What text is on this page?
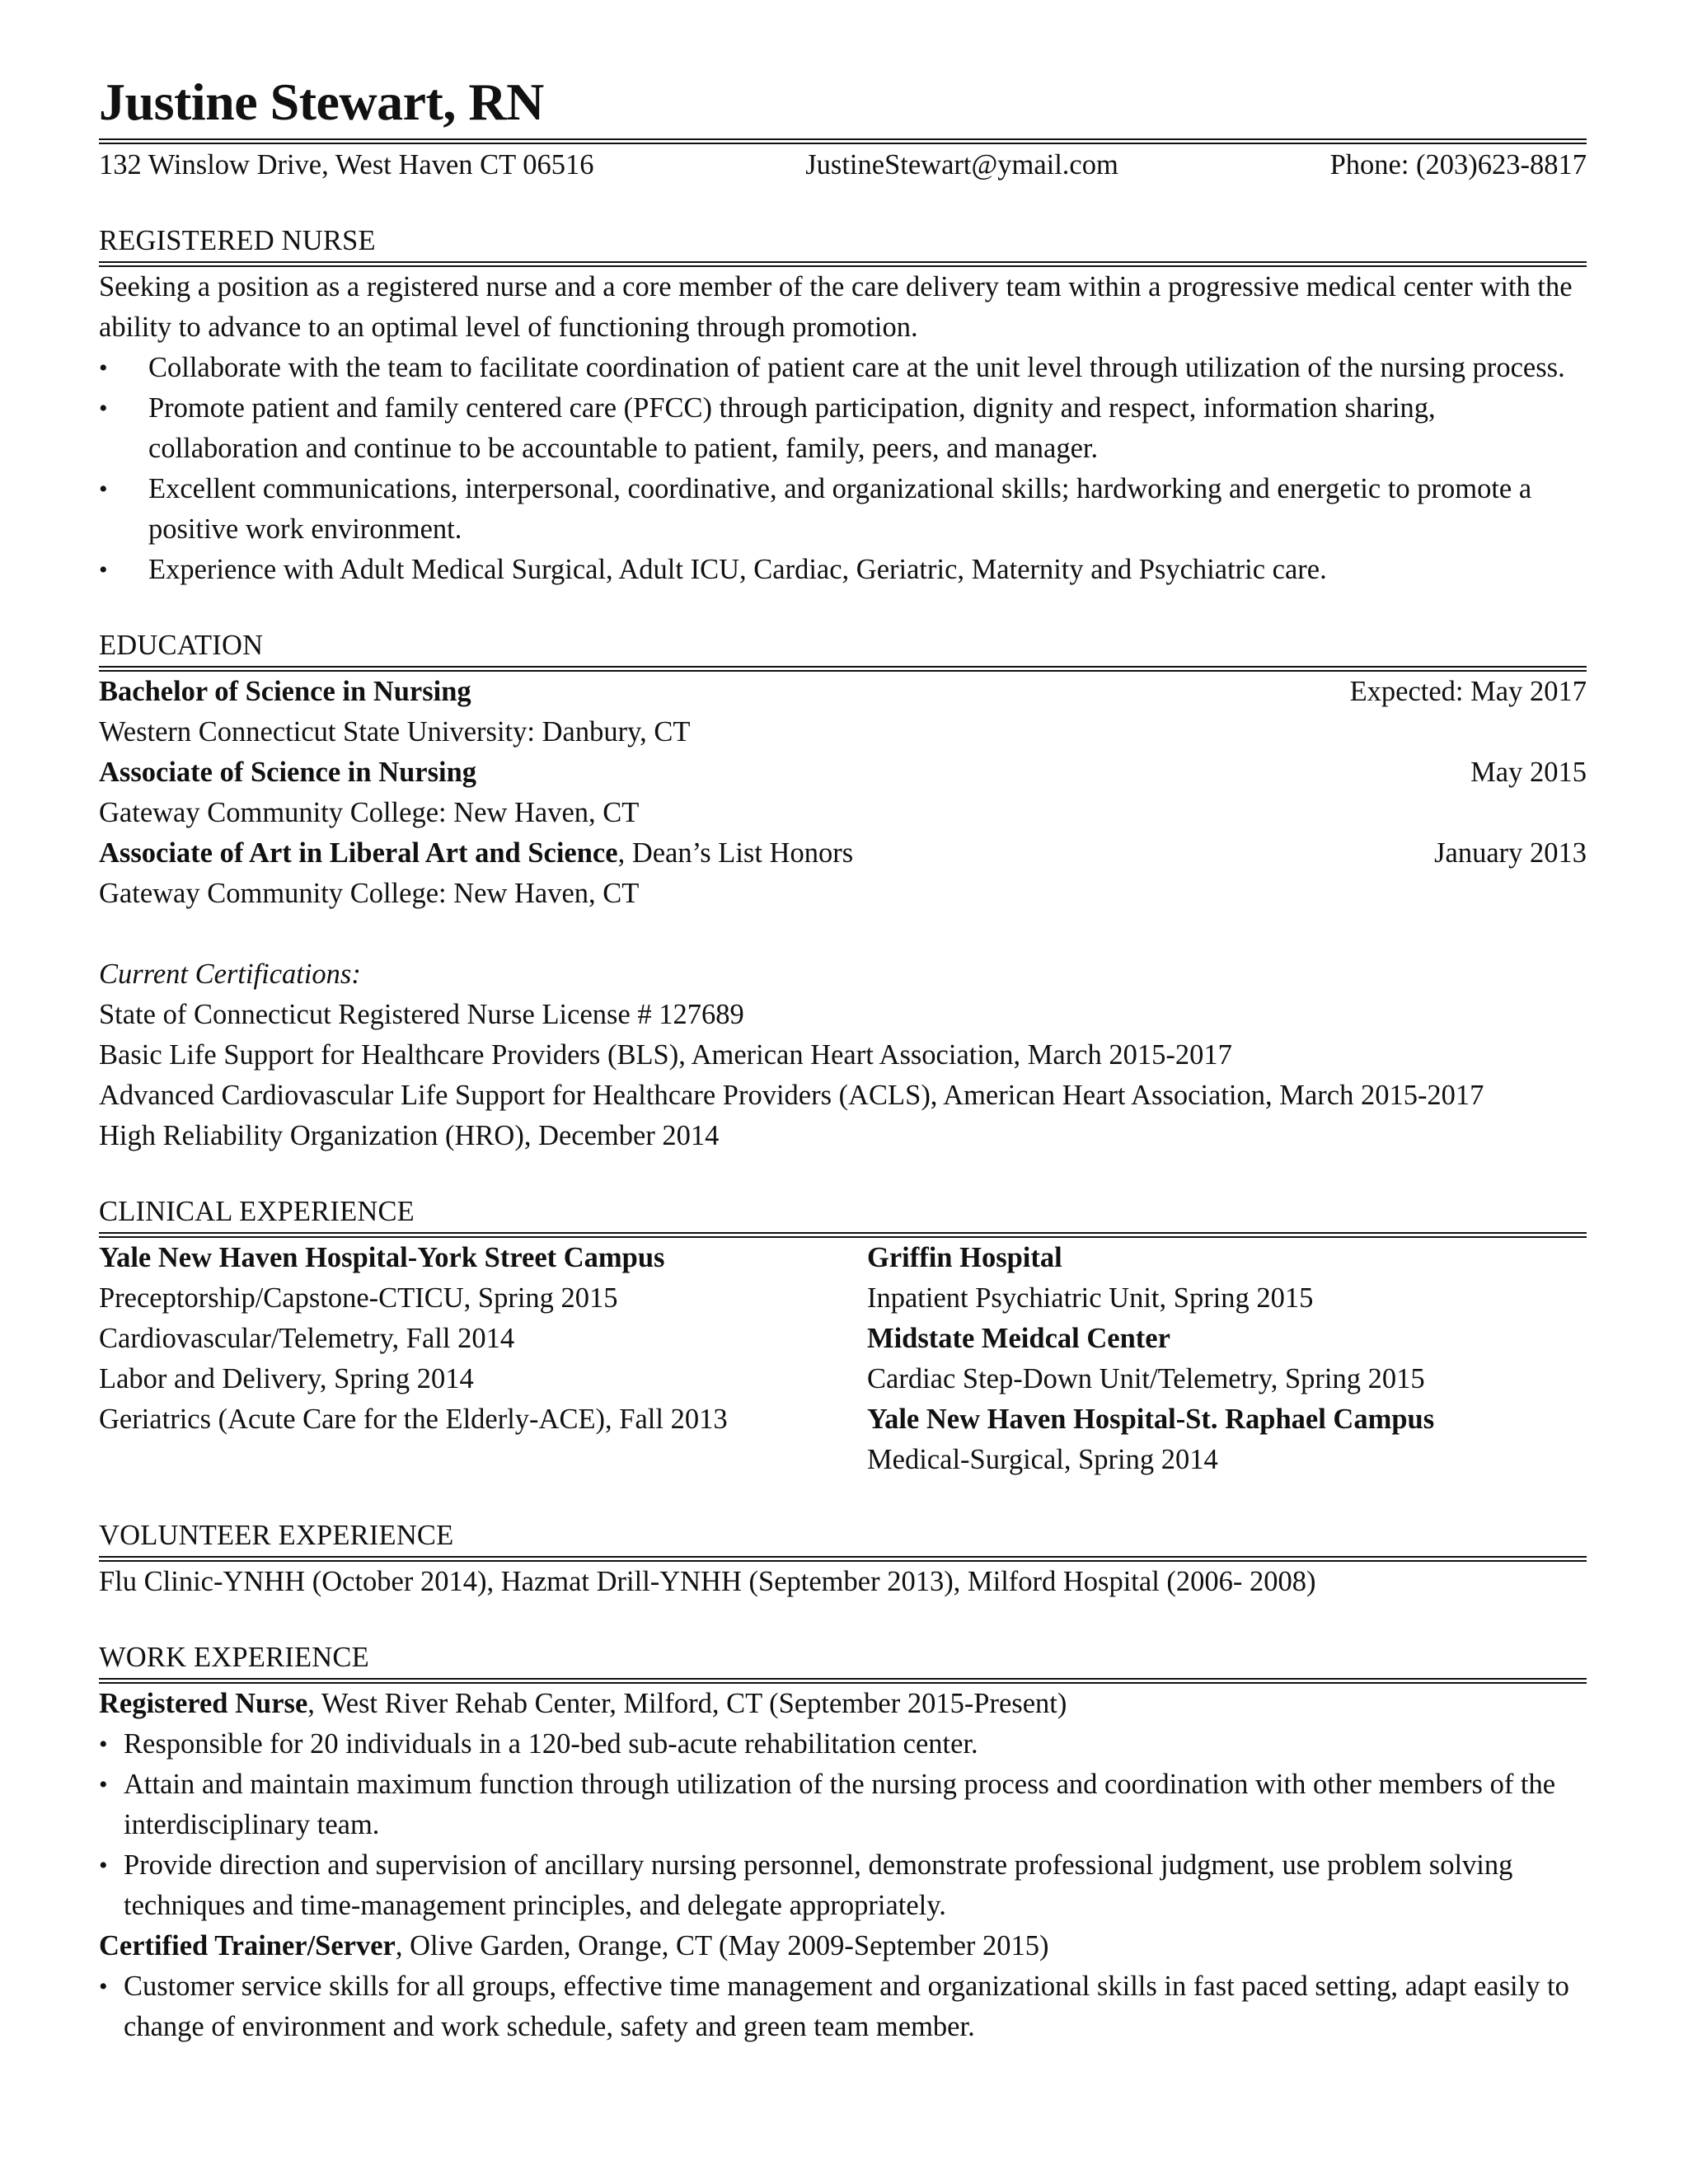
Justine Stewart, RN
132 Winslow Drive, West Haven CT 06516	JustineStewart@ymail.com	Phone: (203)623-8817
REGISTERED NURSE

Seeking a position as a registered nurse and a core member of the care delivery team within a progressive medical center with the ability to advance to an optimal level of functioning through promotion.

• Collaborate with the team to facilitate coordination of patient care at the unit level through utilization of the nursing process.
• Promote patient and family centered care (PFCC) through participation, dignity and respect, information sharing, collaboration and continue to be accountable to patient, family, peers, and manager.
• Excellent communications, interpersonal, coordinative, and organizational skills; hardworking and energetic to promote a positive work environment.
• Experience with Adult Medical Surgical, Adult ICU, Cardiac, Geriatric, Maternity and Psychiatric care.
EDUCATION
Bachelor of Science in Nursing	Expected: May 2017

Western Connecticut State University: Danbury, CT

Associate of Science in Nursing	May 2015

Gateway Community College: New Haven, CT

Associate of Art in Liberal Art and Science, Dean’s List Honors	January 2013

Gateway Community College: New Haven, CT

Current Certifications:

State of Connecticut Registered Nurse License # 127689

Basic Life Support for Healthcare Providers (BLS), American Heart Association, March 2015-2017

Advanced Cardiovascular Life Support for Healthcare Providers (ACLS), American Heart Association, March 2015-2017

High Reliability Organization (HRO), December 2014

CLINICAL EXPERIENCE

Yale New Haven Hospital-York Street Campus

Preceptorship/Capstone-CTICU, Spring 2015

Cardiovascular/Telemetry, Fall 2014

Labor and Delivery, Spring 2014

Geriatrics (Acute Care for the Elderly-ACE), Fall 2013

Griffin Hospital

Inpatient Psychiatric Unit, Spring 2015

Midstate Meidcal Center

Cardiac Step-Down Unit/Telemetry, Spring 2015

Yale New Haven Hospital-St. Raphael Campus

Medical-Surgical, Spring 2014

VOLUNTEER EXPERIENCE

Flu Clinic-YNHH (October 2014), Hazmat Drill-YNHH (September 2013), Milford Hospital (2006- 2008)

WORK EXPERIENCE

Registered Nurse, West River Rehab Center, Milford, CT (September 2015-Present)

• Responsible for 20 individuals in a 120-bed sub-acute rehabilitation center.
• Attain and maintain maximum function through utilization of the nursing process and coordination with other members of the interdisciplinary team.
• Provide direction and supervision of ancillary nursing personnel, demonstrate professional judgment, use problem solving techniques and time-management principles, and delegate appropriately.

Certified Trainer/Server, Olive Garden, Orange, CT (May 2009-September 2015)

• Customer service skills for all groups, effective time management and organizational skills in fast paced setting, adapt easily to change of environment and work schedule, safety and green team member.
